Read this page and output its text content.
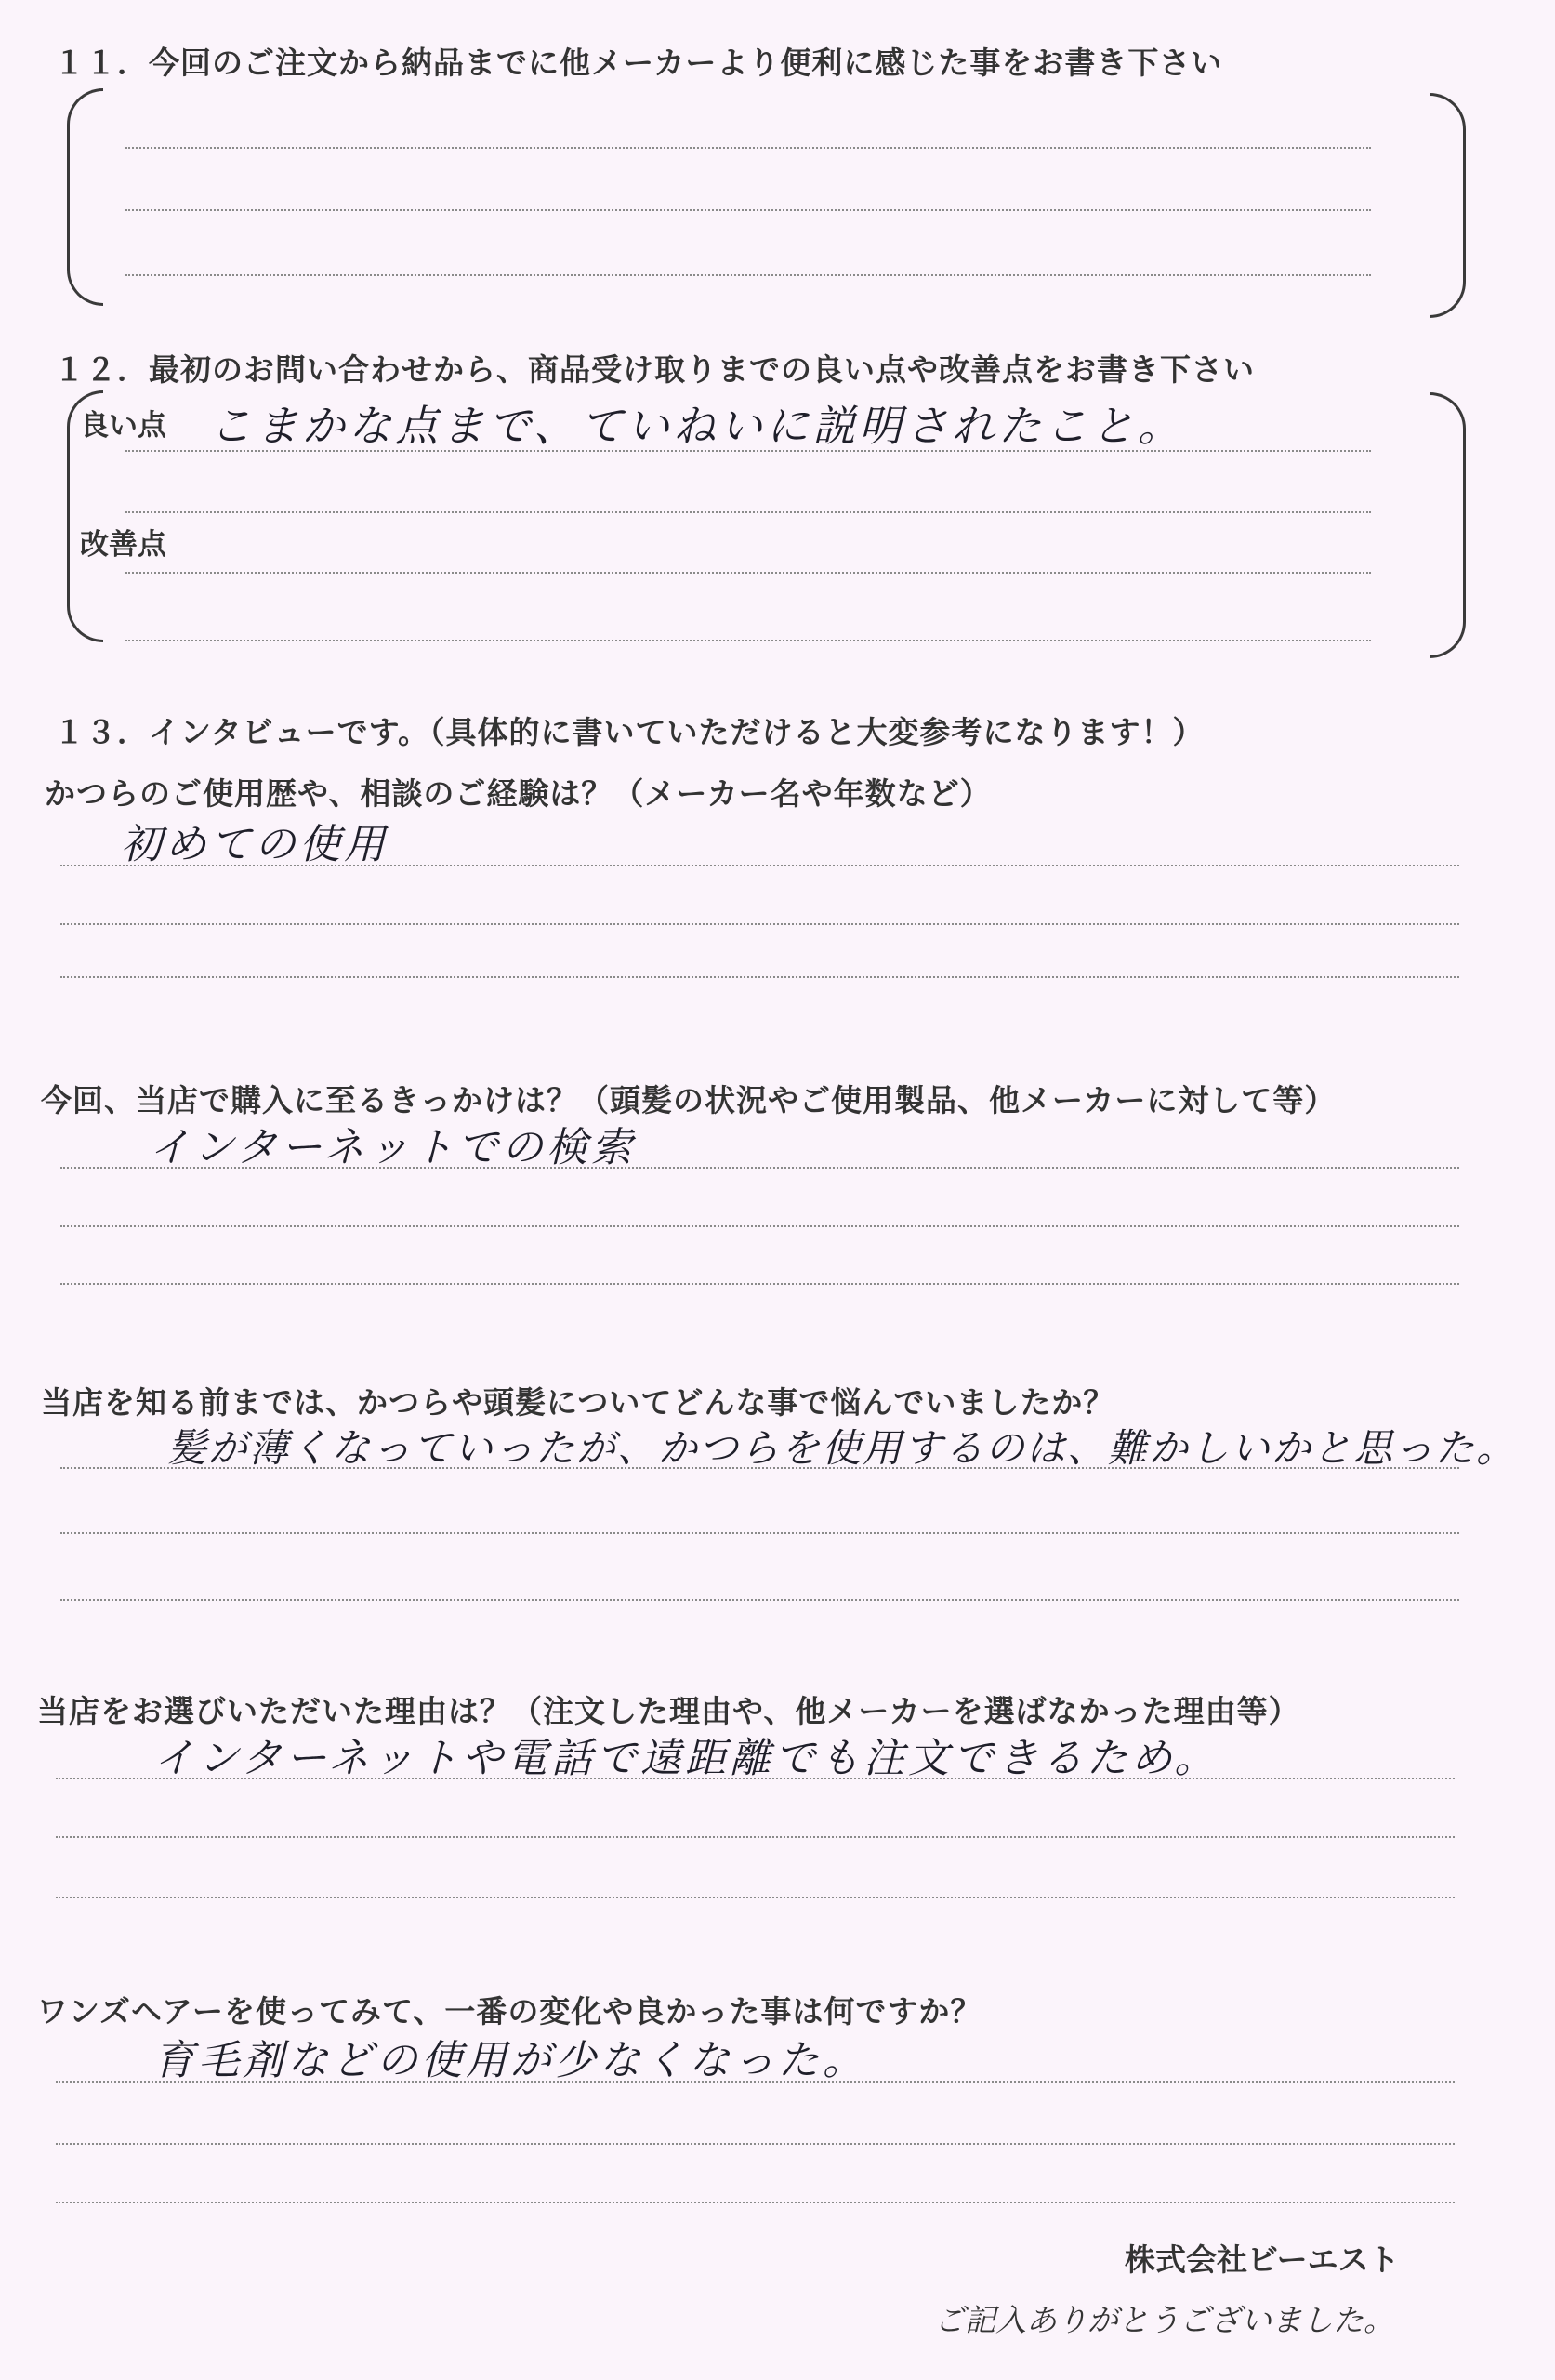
１１．今回のご注文から納品までに他メーカーより便利に感じた事をお書き下さい
１２．最初のお問い合わせから、商品受け取りまでの良い点や改善点をお書き下さい
良い点 こまかな点まで、ていねいに説明されたこと。
改善点
１３．インタビューです。（具体的に書いていただけると大変参考になります！）
かつらのご使用歴や、相談のご経験は？（メーカー名や年数など）
初めての使用
今回、当店で購入に至るきっかけは？（頭髪の状況やご使用製品、他メーカーに対して等）
インターネットでの検索
当店を知る前までは、かつらや頭髪についてどんな事で悩んでいましたか？
髪が薄くなっていったが、かつらを使用するのは、難かしいかと思った。
当店をお選びいただいた理由は？（注文した理由や、他メーカーを選ばなかった理由等）
インターネットや電話で遠距離でも注文できるため。
ワンズヘアーを使ってみて、一番の変化や良かった事は何ですか？
育毛剤などの使用が少なくなった。
株式会社ビーエスト
ご記入ありがとうございました。
